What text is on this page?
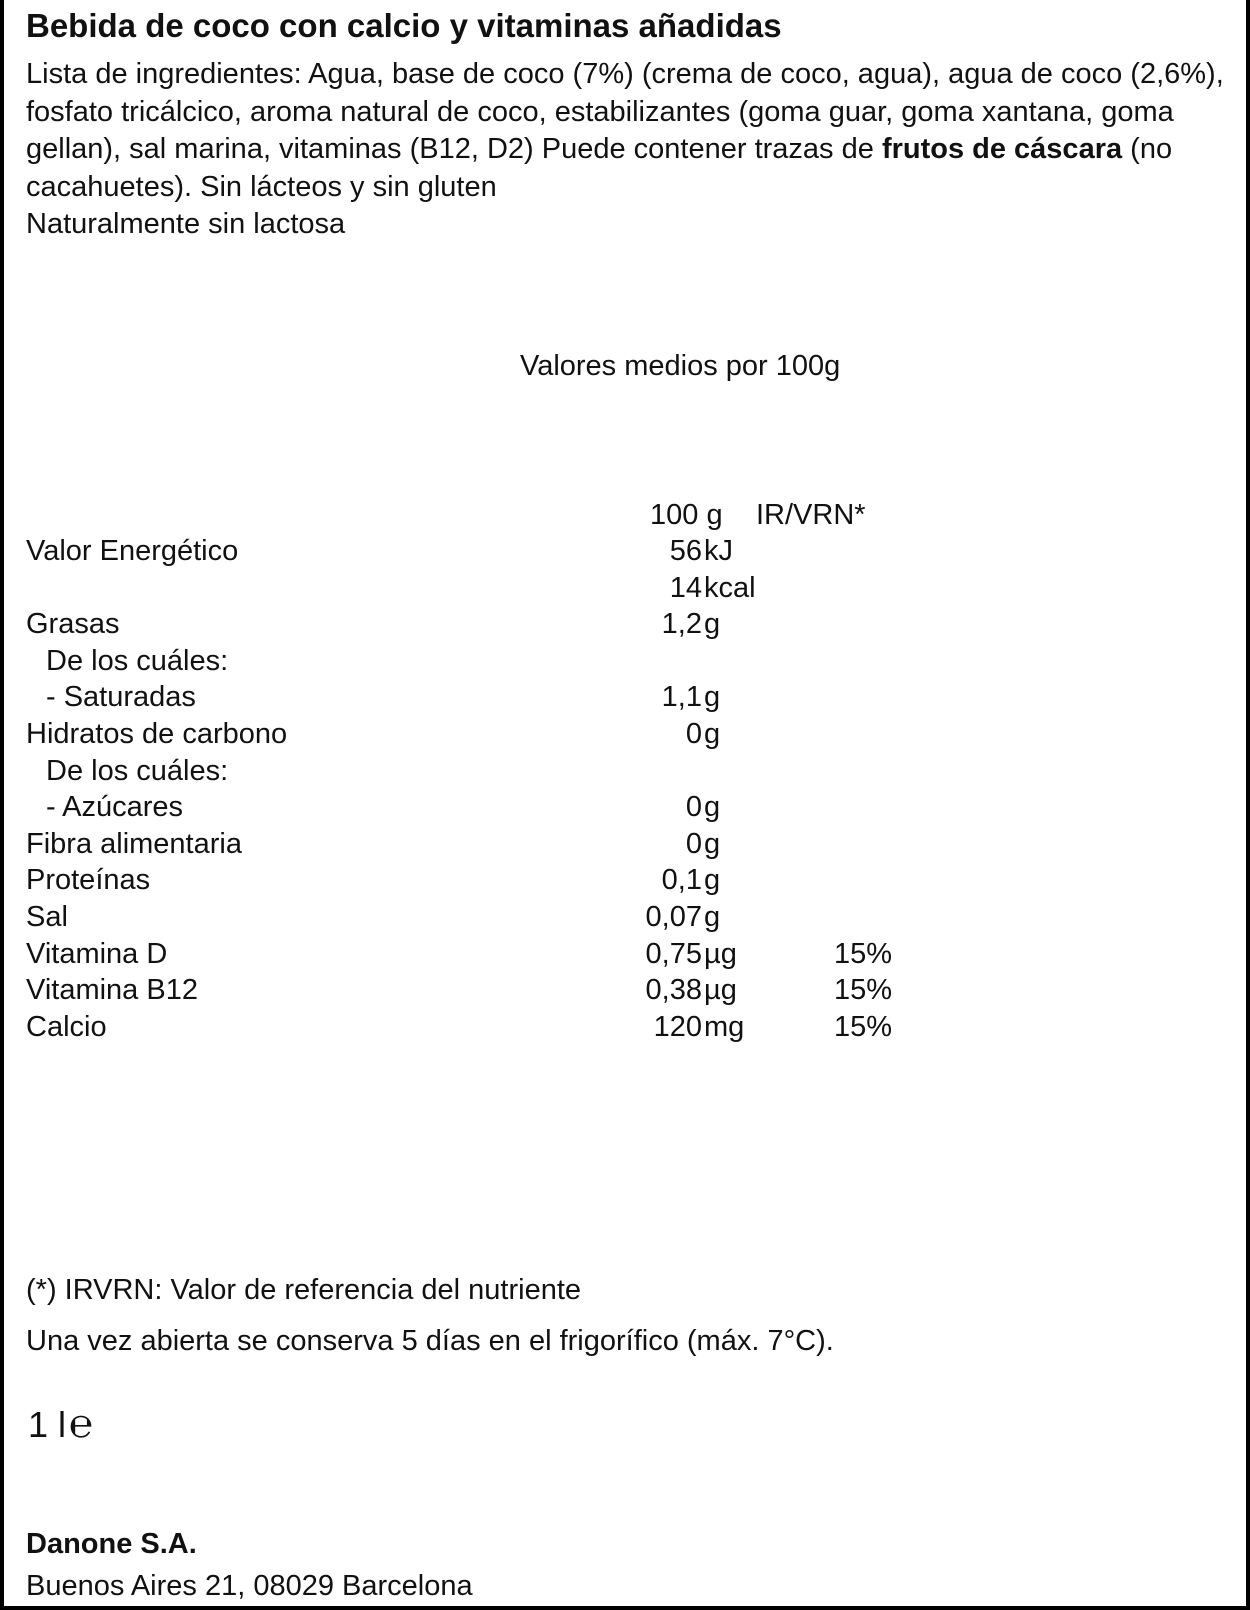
Bebida de coco con calcio y vitaminas añadidas
Lista de ingredientes: Agua, base de coco (7%) (crema de coco, agua), agua de coco (2,6%), fosfato tricálcico, aroma natural de coco, estabilizantes (goma guar, goma xantana, goma gellan), sal marina, vitaminas (B12, D2) Puede contener trazas de frutos de cáscara (no cacahuetes). Sin lácteos y sin gluten
Naturalmente sin lactosa
Valores medios por 100g
100 g IR/VRN*
Valor Energético	56 kJ
14 kcal
Grasas	1,2 g
De los cuáles:
- Saturadas	1,1 g
Hidratos de carbono	0 g
De los cuáles:
- Azúcares	0 g
Fibra alimentaria	0 g
Proteínas	0,1 g
Sal	0,07 g
Vitamina D	0,75 µg	15%
Vitamina B12	0,38 µg	15%
Calcio	120 mg	15%
(*) IRVRN: Valor de referencia del nutriente
Una vez abierta se conserva 5 días en el frigorífico (máx. 7°C).
1 l℮
Danone S.A.
Buenos Aires 21, 08029 Barcelona
